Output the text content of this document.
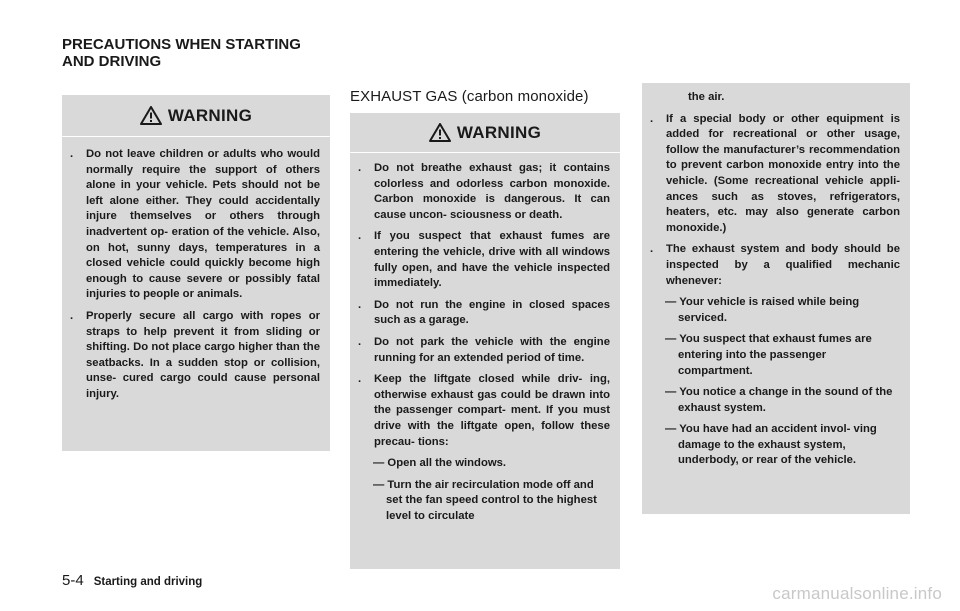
PRECAUTIONS WHEN STARTING
AND DRIVING
WARNING
. Do not leave children or adults who would normally require the support of others alone in your vehicle. Pets should not be left alone either. They could accidentally injure themselves or others through inadvertent op- eration of the vehicle. Also, on hot, sunny days, temperatures in a closed vehicle could quickly become high enough to cause severe or possibly fatal injuries to people or animals.
. Properly secure all cargo with ropes or straps to help prevent it from sliding or shifting. Do not place cargo higher than the seatbacks. In a sudden stop or collision, unse- cured cargo could cause personal injury.
EXHAUST GAS (carbon monoxide)
WARNING
. Do not breathe exhaust gas; it contains colorless and odorless carbon monoxide. Carbon monoxide is dangerous. It can cause uncon- sciousness or death.
. If you suspect that exhaust fumes are entering the vehicle, drive with all windows fully open, and have the vehicle inspected immediately.
. Do not run the engine in closed spaces such as a garage.
. Do not park the vehicle with the engine running for an extended period of time.
. Keep the liftgate closed while driv- ing, otherwise exhaust gas could be drawn into the passenger compart- ment. If you must drive with the liftgate open, follow these precau- tions:
— Open all the windows.
— Turn the air recirculation mode off and set the fan speed control to the highest level to circulate
the air.
. If a special body or other equipment is added for recreational or other usage, follow the manufacturer’s recommendation to prevent carbon monoxide entry into the vehicle. (Some recreational vehicle appli- ances such as stoves, refrigerators, heaters, etc. may also generate carbon monoxide.)
. The exhaust system and body should be inspected by a qualified mechanic whenever:
— Your vehicle is raised while being serviced.
— You suspect that exhaust fumes are entering into the passenger compartment.
— You notice a change in the sound of the exhaust system.
— You have had an accident invol- ving damage to the exhaust system, underbody, or rear of the vehicle.
5-4 Starting and driving
carmanualsonline.info
